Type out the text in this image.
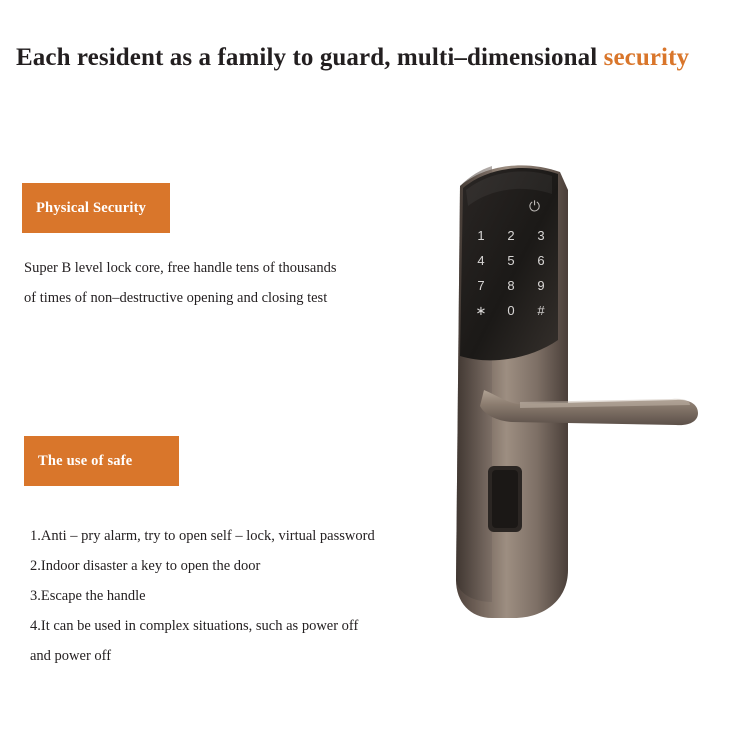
Each resident as a family to guard, multi–dimensional security
Physical Security
Super B level lock core, free handle tens of thousands
of times of non–destructive opening and closing test
The use of safe
1.Anti – pry alarm, try to open self – lock, virtual password
2.Indoor disaster a key to open the door
3.Escape the handle
4.It can be used in complex situations, such as power off
and power off
1	2	3
4	5	6
7	8	9
∗	0	#
⏻
